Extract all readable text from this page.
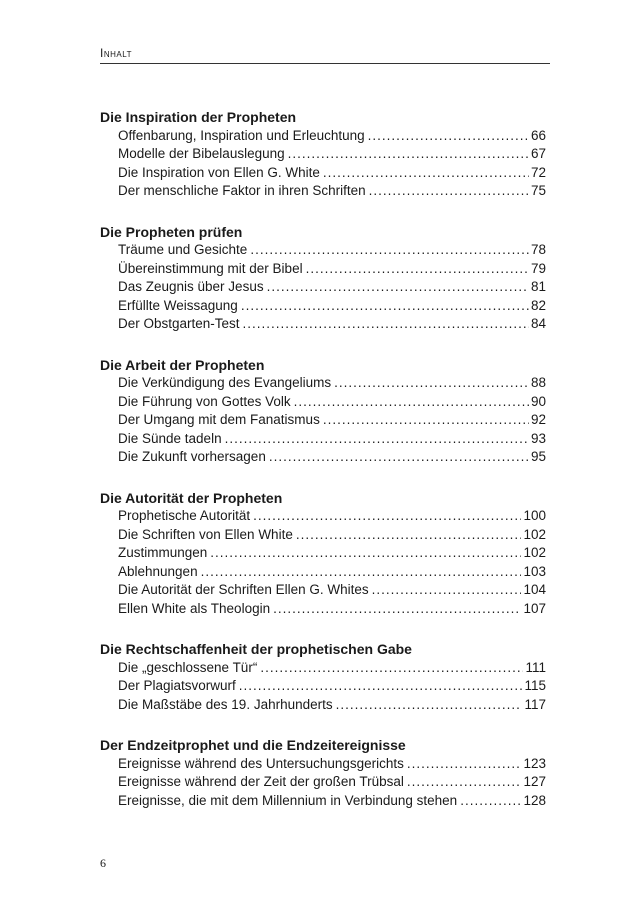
Inhalt
Die Inspiration der Propheten
Offenbarung, Inspiration und Erleuchtung .....	66
Modelle der Bibelauslegung .....	67
Die Inspiration von Ellen G. White .....	72
Der menschliche Faktor in ihren Schriften .....	75
Die Propheten prüfen
Träume und Gesichte .....	78
Übereinstimmung mit der Bibel .....	79
Das Zeugnis über Jesus .....	81
Erfüllte Weissagung .....	82
Der Obstgarten-Test .....	84
Die Arbeit der Propheten
Die Verkündigung des Evangeliums .....	88
Die Führung von Gottes Volk .....	90
Der Umgang mit dem Fanatismus .....	92
Die Sünde tadeln .....	93
Die Zukunft vorhersagen .....	95
Die Autorität der Propheten
Prophetische Autorität .....	100
Die Schriften von Ellen White .....	102
Zustimmungen .....	102
Ablehnungen .....	103
Die Autorität der Schriften Ellen G. Whites .....	104
Ellen White als Theologin .....	107
Die Rechtschaffenheit der prophetischen Gabe
Die „geschlossene Tür“ .....	111
Der Plagiatsvorwurf .....	115
Die Maßstäbe des 19. Jahrhunderts .....	117
Der Endzeitprophet und die Endzeitereignisse
Ereignisse während des Untersuchungsgerichts .....	123
Ereignisse während der Zeit der großen Trübsal .....	127
Ereignisse, die mit dem Millennium in Verbindung stehen .....	128
6
